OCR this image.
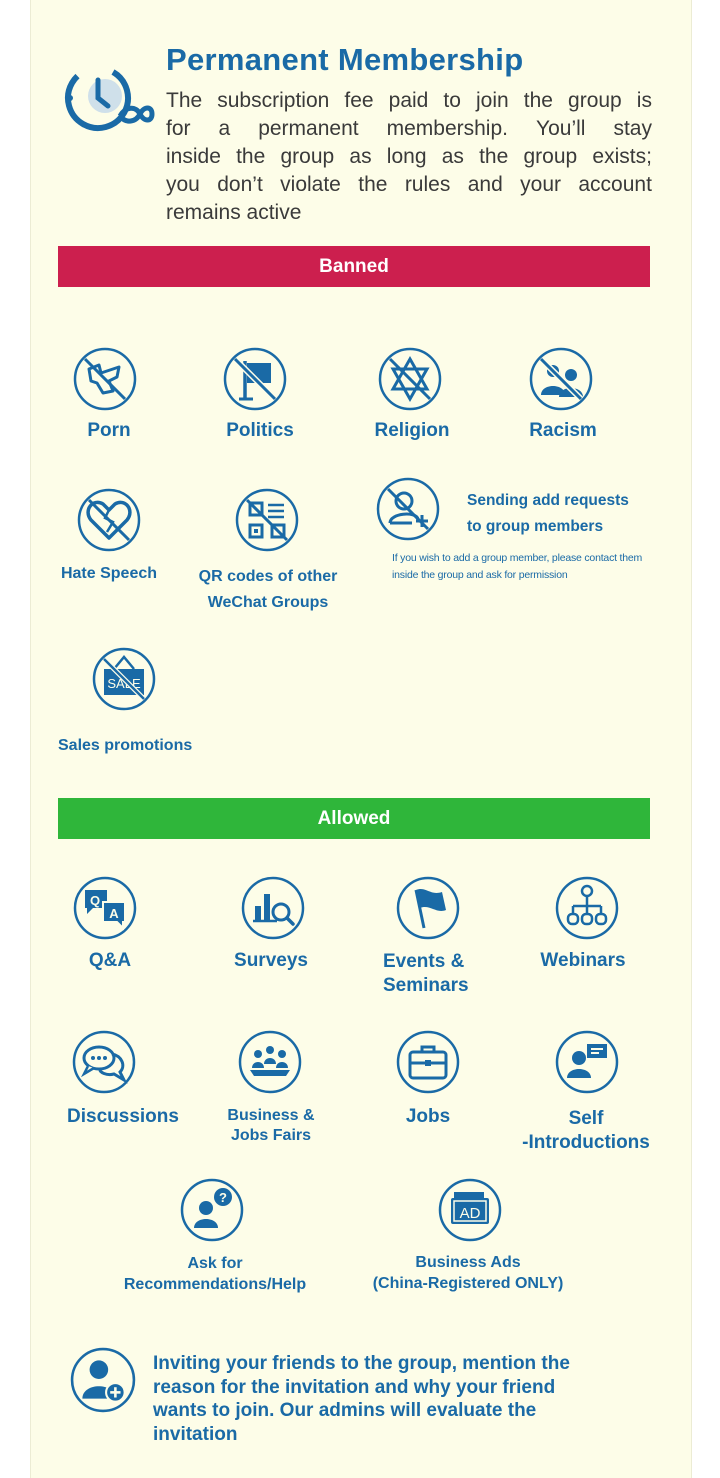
Permanent Membership
The subscription fee paid to join the group is
for a permanent membership. You’ll stay
inside the group as long as the group exists;
you don’t violate the rules and your account
remains active
Banned
Porn	Politics	Religion	Racism
Sending add requests
to group members
If you wish to add a group member, please contact them
inside the group and ask for permission
Hate Speech	QR codes of other
WeChat Groups
SALE
Sales promotions
Allowed
Q
A
Q&A	Surveys	Events &
Seminars
Webinars
Discussions	Business &
Jobs Fairs
Jobs	Self
-Introductions
?
AD
Ask for
Recommendations/Help
Business Ads
(China-Registered ONLY)
Inviting your friends to the group, mention the
reason for the invitation and why your friend
wants to join. Our admins will evaluate the
invitation
